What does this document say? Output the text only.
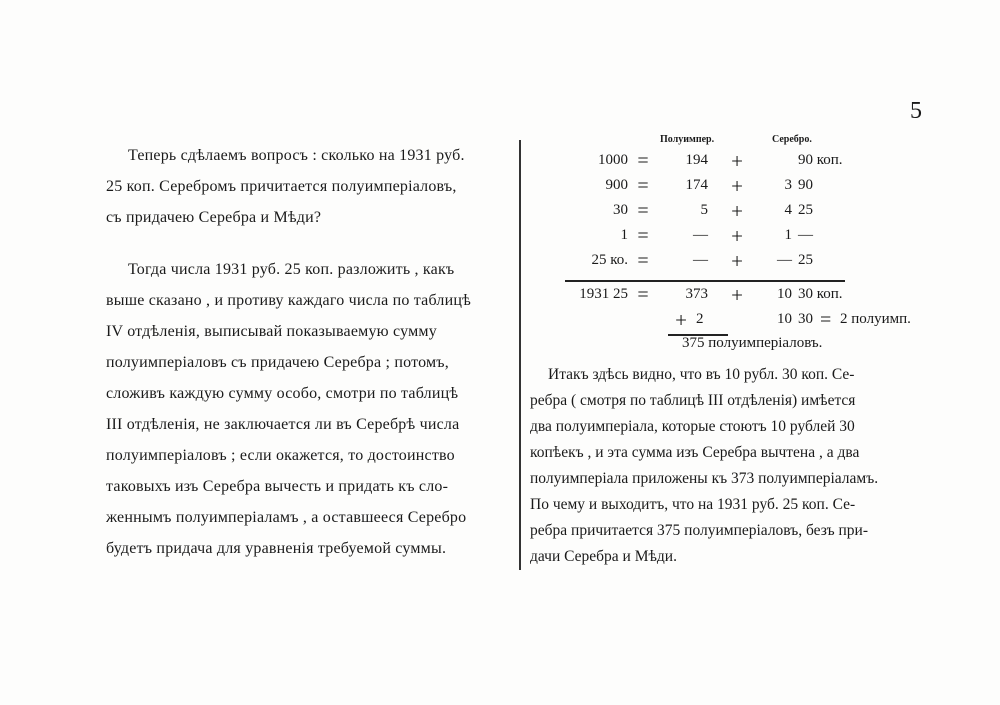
5
Теперь сдѣлаемъ вопросъ : сколько на 1931 руб.
25 коп. Серебромъ причитается полуимперiаловъ,
съ придачею Серебра и Мѣди?
Тогда числа 1931 руб. 25 коп. разложить , какъ
выше сказано , и противу каждаго числа по таблицѣ
IV отдѣленiя, выписывай показываемую сумму
полуимперiаловъ съ придачею Серебра ; потомъ,
сложивъ каждую сумму особо, смотри по таблицѣ
III отдѣленiя, не заключается ли въ Серебрѣ числа
полуимперiаловъ ; если окажется, то достоинство
таковыхъ изъ Серебра вычесть и придать къ сло-
женнымъ полуимперiаламъ , а оставшееся Серебро
будетъ придача для уравненiя требуемой суммы.
Полуимпер.	Серебро.
1000 =	194 +	90 коп.
900 =	174 +	3 90
30 =	5 +	4 25
1 =	— +	1 —
25 ко. =	— + — 25
1931 25 =	373 + 10 30 коп.
+ 2	10 30 = 2 полуимп.
375 полуимперiаловъ.
Итакъ здѣсь видно, что въ 10 рубл. 30 коп. Се-
ребра ( смотря по таблицѣ III отдѣленiя) имѣется
два полуимперiала, которые стоютъ 10 рублей 30
копѣекъ , и эта сумма изъ Серебра вычтена , а два
полуимперiала приложены къ 373 полуимперiаламъ.
По чему и выходитъ, что на 1931 руб. 25 коп. Се-
ребра причитается 375 полуимперiаловъ, безъ при-
дачи Серебра и Мѣди.
